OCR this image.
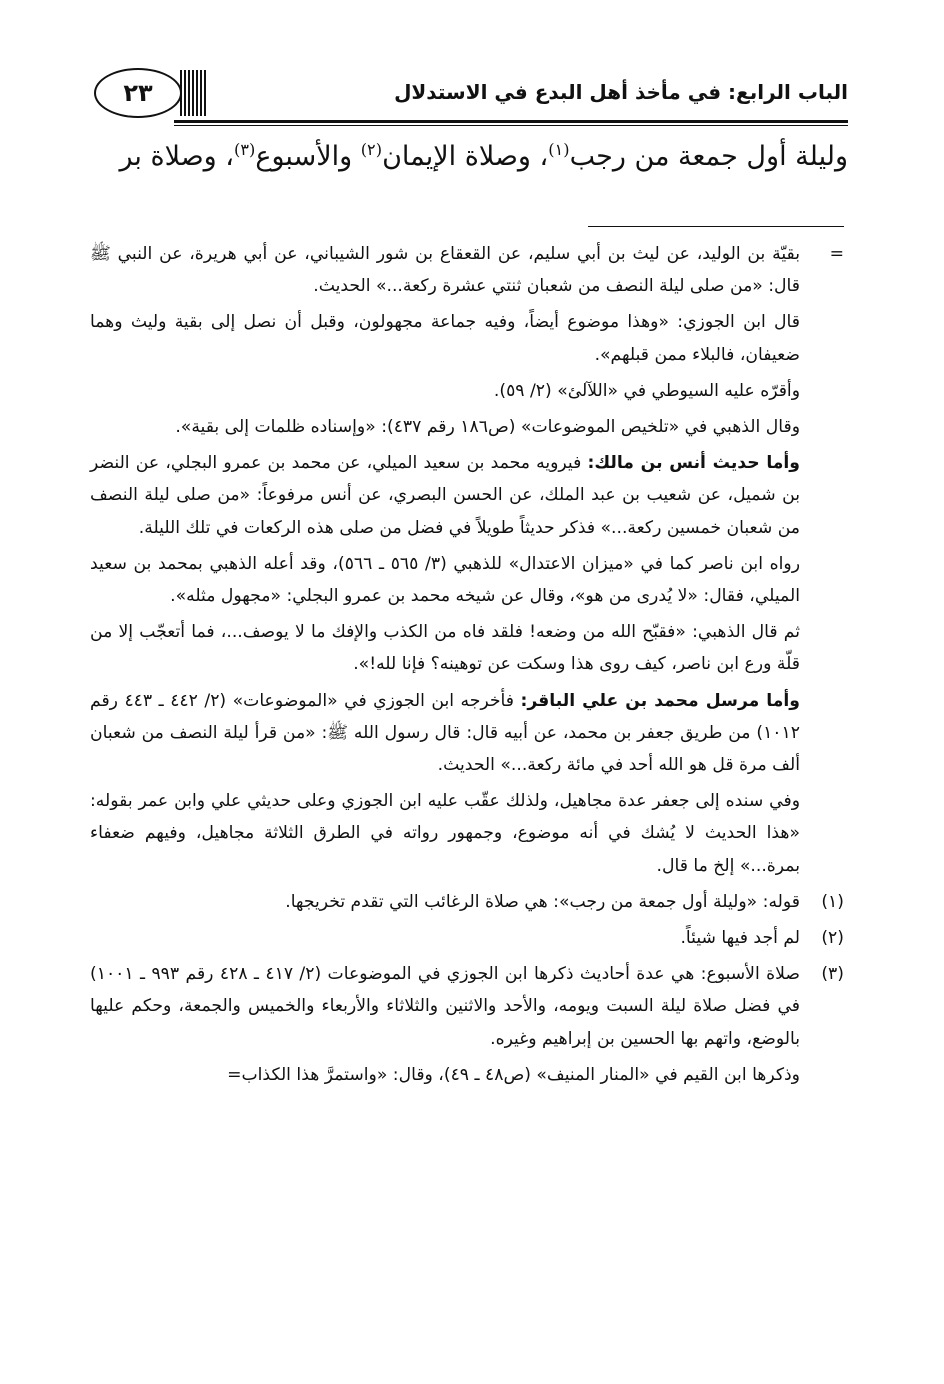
٢٣	الباب الرابع: في مأخذ أهل البدع في الاستدلال
وليلة أول جمعة من رجب$^{(١)}$، وصلاة الإيمان$^{(٢)}$ والأسبوع$^{(٣)}$، وصلاة بر
=

بقيّة بن الوليد، عن ليث بن أبي سليم، عن القعقاع بن شور الشيباني، عن أبي هريرة، عن النبي ﷺ قال: «من صلى ليلة النصف من شعبان ثنتي عشرة ركعة...» الحديث.

قال ابن الجوزي: «وهذا موضوع أيضاً، وفيه جماعة مجهولون، وقبل أن نصل إلى بقية وليث وهما ضعيفان، فالبلاء ممن قبلهم».

وأقرّه عليه السيوطي في «اللآلئ» (٢/ ٥٩).

وقال الذهبي في «تلخيص الموضوعات» (ص١٨٦ رقم ٤٣٧): «وإسناده ظلمات إلى بقية».

وأما حديث أنس بن مالك: فيرويه محمد بن سعيد الميلي، عن محمد بن عمرو البجلي، عن النضر بن شميل، عن شعيب بن عبد الملك، عن الحسن البصري، عن أنس مرفوعاً: «من صلى ليلة النصف من شعبان خمسين ركعة...» فذكر حديثاً طويلاً في فضل من صلى هذه الركعات في تلك الليلة.

رواه ابن ناصر كما في «ميزان الاعتدال» للذهبي (٣/ ٥٦٥ ـ ٥٦٦)، وقد أعله الذهبي بمحمد بن سعيد الميلي، فقال: «لا يُدرى من هو»، وقال عن شيخه محمد بن عمرو البجلي: «مجهول مثله».

ثم قال الذهبي: «فقبّح الله من وضعه! فلقد فاه من الكذب والإفك ما لا يوصف...، فما أتعجّب إلا من قلّة ورع ابن ناصر، كيف روى هذا وسكت عن توهينه؟ فإنا لله!».

وأما مرسل محمد بن علي الباقر: فأخرجه ابن الجوزي في «الموضوعات» (٢/ ٤٤٢ ـ ٤٤٣ رقم ١٠١٢) من طريق جعفر بن محمد، عن أبيه قال: قال رسول الله ﷺ: «من قرأ ليلة النصف من شعبان ألف مرة قل هو الله أحد في مائة ركعة...» الحديث.

وفي سنده إلى جعفر عدة مجاهيل، ولذلك عقّب عليه ابن الجوزي وعلى حديثي علي وابن عمر بقوله: «هذا الحديث لا يُشك في أنه موضوع، وجمهور رواته في الطرق الثلاثة مجاهيل، وفيهم ضعفاء بمرة...» إلخ ما قال.

(١)

قوله: «وليلة أول جمعة من رجب»: هي صلاة الرغائب التي تقدم تخريجها.

(٢)

لم أجد فيها شيئاً.

(٣)

صلاة الأسبوع: هي عدة أحاديث ذكرها ابن الجوزي في الموضوعات (٢/ ٤١٧ ـ ٤٢٨ رقم ٩٩٣ ـ ١٠٠١) في فضل صلاة ليلة السبت ويومه، والأحد والاثنين والثلاثاء والأربعاء والخميس والجمعة، وحكم عليها بالوضع، واتهم بها الحسين بن إبراهيم وغيره.

وذكرها ابن القيم في «المنار المنيف» (ص٤٨ ـ ٤٩)، وقال: «واستمرَّ هذا الكذاب=
